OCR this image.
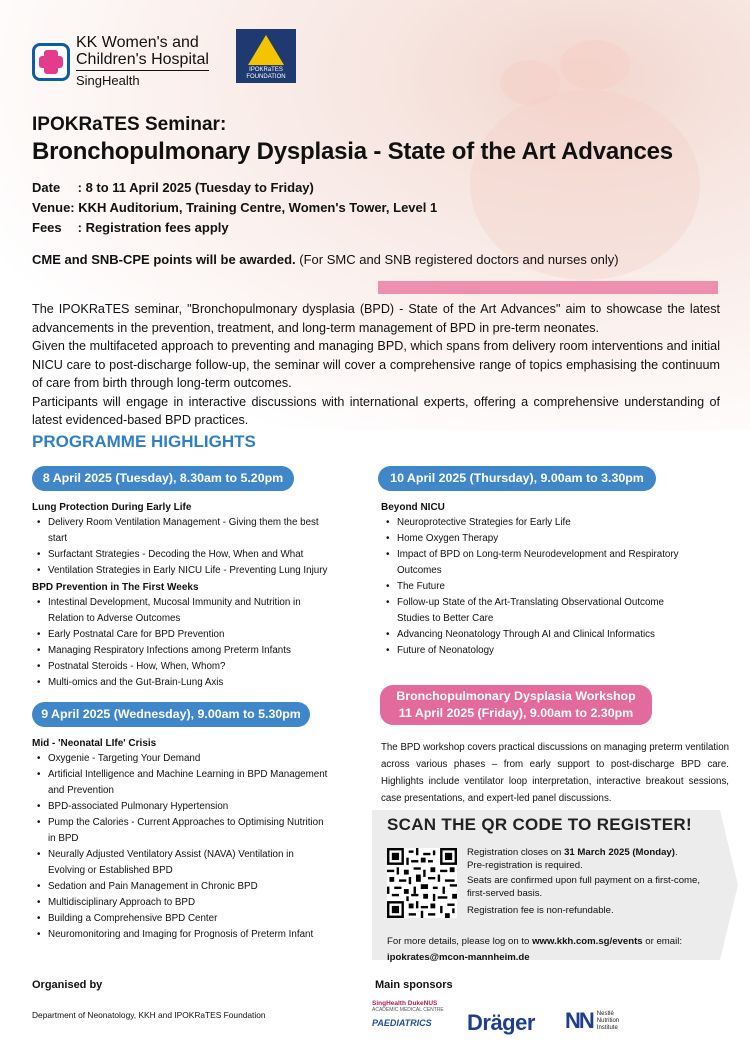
KK Women's and
Children's Hospital
SingHealth
IPOKRaTES
FOUNDATION
IPOKRaTES Seminar:
Bronchopulmonary Dysplasia - State of the Art Advances
Date : 8 to 11 April 2025 (Tuesday to Friday)
Venue: KKH Auditorium, Training Centre, Women's Tower, Level 1
Fees : Registration fees apply
CME and SNB-CPE points will be awarded. (For SMC and SNB registered doctors and nurses only)

The IPOKRaTES seminar, "Bronchopulmonary dysplasia (BPD) - State of the Art Advances" aim to showcase the latest advancements in the prevention, treatment, and long-term management of BPD in pre-term neonates.

Given the multifaceted approach to preventing and managing BPD, which spans from delivery room interventions and initial NICU care to post-discharge follow-up, the seminar will cover a comprehensive range of topics emphasising the continuum of care from birth through long-term outcomes.

Participants will engage in interactive discussions with international experts, offering a comprehensive understanding of latest evidenced-based BPD practices.

PROGRAMME HIGHLIGHTS
8 April 2025 (Tuesday), 8.30am to 5.20pm
Lung Protection During Early Life
• Delivery Room Ventilation Management - Giving them the best
start
• Surfactant Strategies - Decoding the How, When and What
• Ventilation Strategies in Early NICU Life - Preventing Lung Injury
BPD Prevention in The First Weeks
• Intestinal Development, Mucosal Immunity and Nutrition in
Relation to Adverse Outcomes
• Early Postnatal Care for BPD Prevention
• Managing Respiratory Infections among Preterm Infants
• Postnatal Steroids - How, When, Whom?
• Multi-omics and the Gut-Brain-Lung Axis
9 April 2025 (Wednesday), 9.00am to 5.30pm
Mid - 'Neonatal LIfe' Crisis
• Oxygenie - Targeting Your Demand
• Artificial Intelligence and Machine Learning in BPD Management
and Prevention
• BPD-associated Pulmonary Hypertension
• Pump the Calories - Current Approaches to Optimising Nutrition
in BPD
• Neurally Adjusted Ventilatory Assist (NAVA) Ventilation in
Evolving or Established BPD
• Sedation and Pain Management in Chronic BPD
• Multidisciplinary Approach to BPD
• Building a Comprehensive BPD Center
• Neuromonitoring and Imaging for Prognosis of Preterm Infant
10 April 2025 (Thursday), 9.00am to 3.30pm
Beyond NICU
• Neuroprotective Strategies for Early Life
• Home Oxygen Therapy
• Impact of BPD on Long-term Neurodevelopment and Respiratory
Outcomes
• The Future
• Follow-up State of the Art-Translating Observational Outcome
Studies to Better Care
• Advancing Neonatology Through AI and Clinical Informatics
• Future of Neonatology
Bronchopulmonary Dysplasia Workshop
11 April 2025 (Friday), 9.00am to 2.30pm
The BPD workshop covers practical discussions on managing preterm ventilation across various phases – from early support to post-discharge BPD care. Highlights include ventilator loop interpretation, interactive breakout sessions, case presentations, and expert-led panel discussions.
SCAN THE QR CODE TO REGISTER!

Registration closes on 31 March 2025 (Monday).

Pre-registration is required.

Seats are confirmed upon full payment on a first-come, first-served basis.

Registration fee is non-refundable.

For more details, please log on to www.kkh.com.sg/events or email: ipokrates@mcon-mannheim.de
Organised by
Department of Neonatology, KKH and IPOKRaTES Foundation
Main sponsors
SingHealth DukeNUS
ACADEMIC MEDICAL CENTRE
PAEDIATRICS	Dräger NN Nestlé
Nutrition
Institute
